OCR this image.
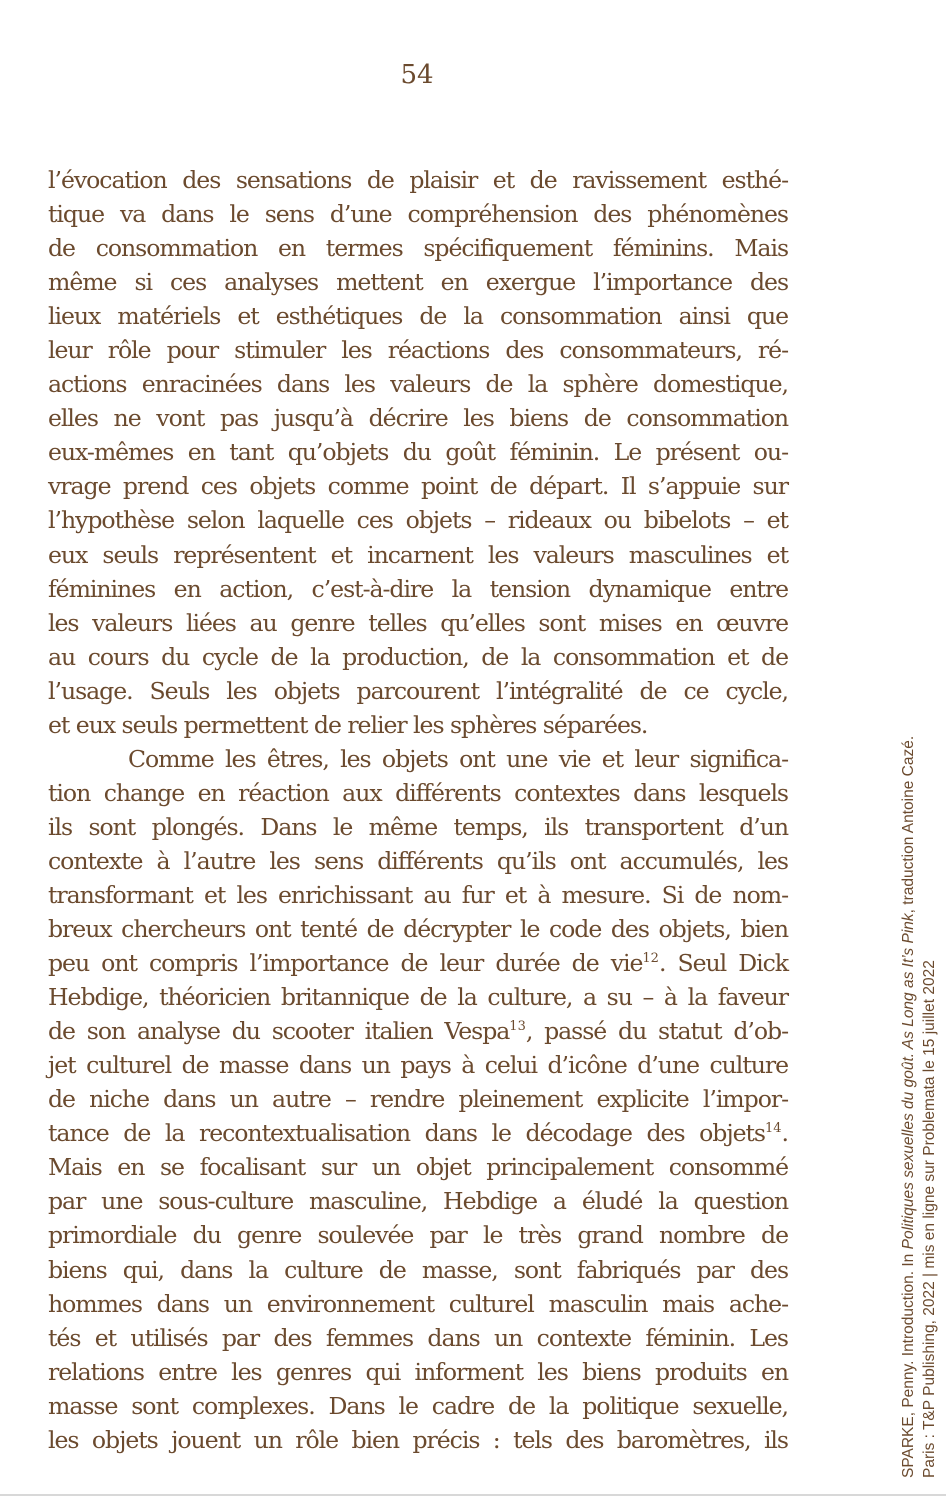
54
l’évocation des sensations de plaisir et de ravissement esthé-
tique va dans le sens d’une compréhension des phénomènes
de consommation en termes spécifiquement féminins. Mais
même si ces analyses mettent en exergue l’importance des
lieux matériels et esthétiques de la consommation ainsi que
leur rôle pour stimuler les réactions des consommateurs, ré-
actions enracinées dans les valeurs de la sphère domestique,
elles ne vont pas jusqu’à décrire les biens de consommation
eux-mêmes en tant qu’objets du goût féminin. Le présent ou-
vrage prend ces objets comme point de départ. Il s’appuie sur
l’hypothèse selon laquelle ces objets – rideaux ou bibelots – et
eux seuls représentent et incarnent les valeurs masculines et
féminines en action, c’est-à-dire la tension dynamique entre
les valeurs liées au genre telles qu’elles sont mises en œuvre
au cours du cycle de la production, de la consommation et de
l’usage. Seuls les objets parcourent l’intégralité de ce cycle,
et eux seuls permettent de relier les sphères séparées.
Comme les êtres, les objets ont une vie et leur significa-
tion change en réaction aux différents contextes dans lesquels
ils sont plongés. Dans le même temps, ils transportent d’un
contexte à l’autre les sens différents qu’ils ont accumulés, les
transformant et les enrichissant au fur et à mesure. Si de nom-
breux chercheurs ont tenté de décrypter le code des objets, bien
peu ont compris l’importance de leur durée de vie$^{12}$. Seul Dick
Hebdige, théoricien britannique de la culture, a su – à la faveur
de son analyse du scooter italien Vespa$^{13}$, passé du statut d’ob-
jet culturel de masse dans un pays à celui d’icône d’une culture
de niche dans un autre – rendre pleinement explicite l’impor-
tance de la recontextualisation dans le décodage des objets$^{14}$.
Mais en se focalisant sur un objet principalement consommé
par une sous-culture masculine, Hebdige a éludé la question
primordiale du genre soulevée par le très grand nombre de
biens qui, dans la culture de masse, sont fabriqués par des
hommes dans un environnement culturel masculin mais ache-
tés et utilisés par des femmes dans un contexte féminin. Les
relations entre les genres qui informent les biens produits en
masse sont complexes. Dans le cadre de la politique sexuelle,
les objets jouent un rôle bien précis : tels des baromètres, ils	SPARKE, Penny. Introduction. In Politiques sexuelles du goût. As Long as It’s Pink, traduction Antoine Cazé.
Paris : T&P Publishing, 2022 | mis en ligne sur Problemata le 15 juillet 2022
